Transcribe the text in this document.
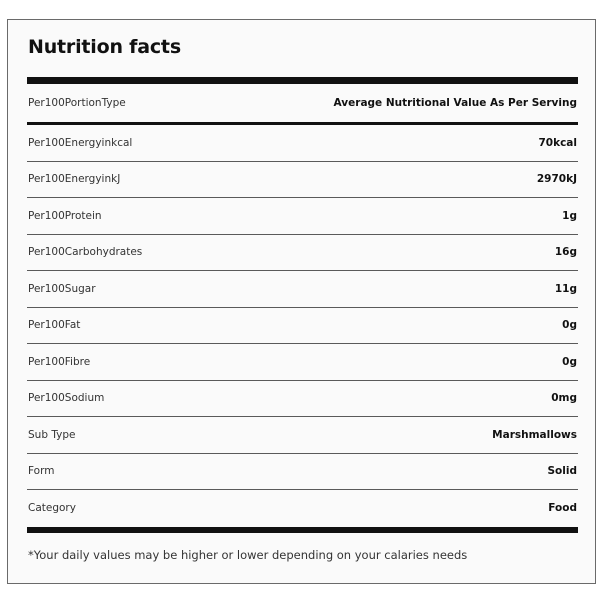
Nutrition facts
Per100PortionType	Average Nutritional Value As Per Serving
Per100Energyinkcal	70kcal
Per100EnergyinkJ	2970kJ
Per100Protein	1g
Per100Carbohydrates	16g
Per100Sugar	11g
Per100Fat	0g
Per100Fibre	0g
Per100Sodium	0mg
Sub Type	Marshmallows
Form	Solid
Category	Food
*Your daily values may be higher or lower depending on your calaries needs
